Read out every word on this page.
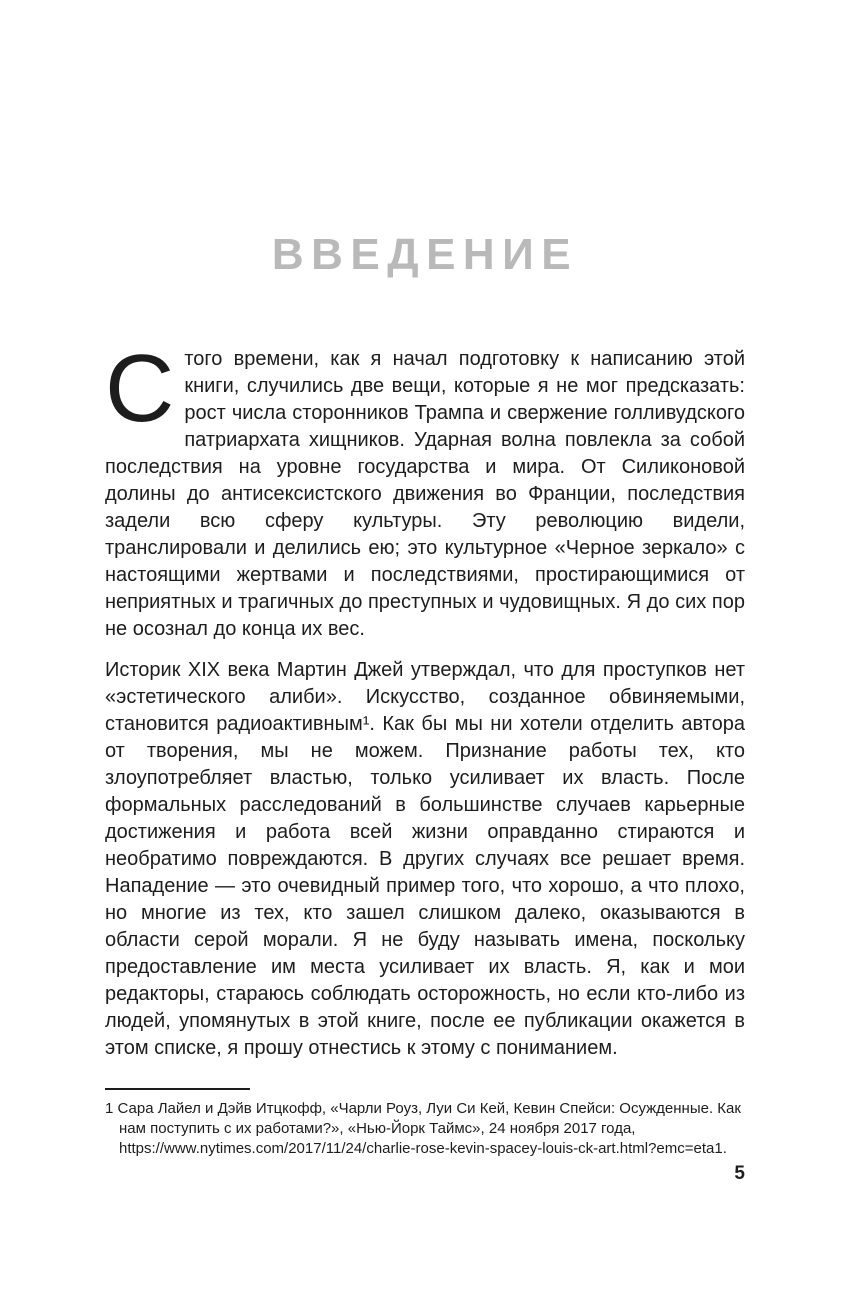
ВВЕДЕНИЕ

Стого времени, как я начал подготовку к написанию этой книги, случились две вещи, которые я не мог предсказать: рост числа сторонников Трампа и свержение голливудского патриархата хищников. Ударная волна повлекла за собой последствия на уровне государства и мира. От Силиконовой долины до антисексистского движения во Франции, последствия задели всю сферу культуры. Эту революцию видели, транслировали и делились ею; это культурное «Черное зеркало» с настоящими жертвами и последствиями, простирающимися от неприятных и трагичных до преступных и чудовищных. Я до сих пор не осознал до конца их вес.

Историк XIX века Мартин Джей утверждал, что для проступков нет «эстетического алиби». Искусство, созданное обвиняемыми, становится радиоактивным¹. Как бы мы ни хотели отделить автора от творения, мы не можем. Признание работы тех, кто злоупотребляет властью, только усиливает их власть. После формальных расследований в большинстве случаев карьерные достижения и работа всей жизни оправданно стираются и необратимо повреждаются. В других случаях все решает время. Нападение — это очевидный пример того, что хорошо, а что плохо, но многие из тех, кто зашел слишком далеко, оказываются в области серой морали. Я не буду называть имена, поскольку предоставление им места усиливает их власть. Я, как и мои редакторы, стараюсь соблюдать осторожность, но если кто-либо из людей, упомянутых в этой книге, после ее публикации окажется в этом списке, я прошу отнестись к этому с пониманием.

1 Сара Лайел и Дэйв Итцкофф, «Чарли Роуз, Луи Си Кей, Кевин Спейси: Осужденные. Как нам поступить с их работами?», «Нью-Йорк Таймс», 24 ноября 2017 года, https://www.nytimes.com/2017/11/24/charlie-rose-kevin-spacey-louis-ck-art.html?emc=eta1.

5
